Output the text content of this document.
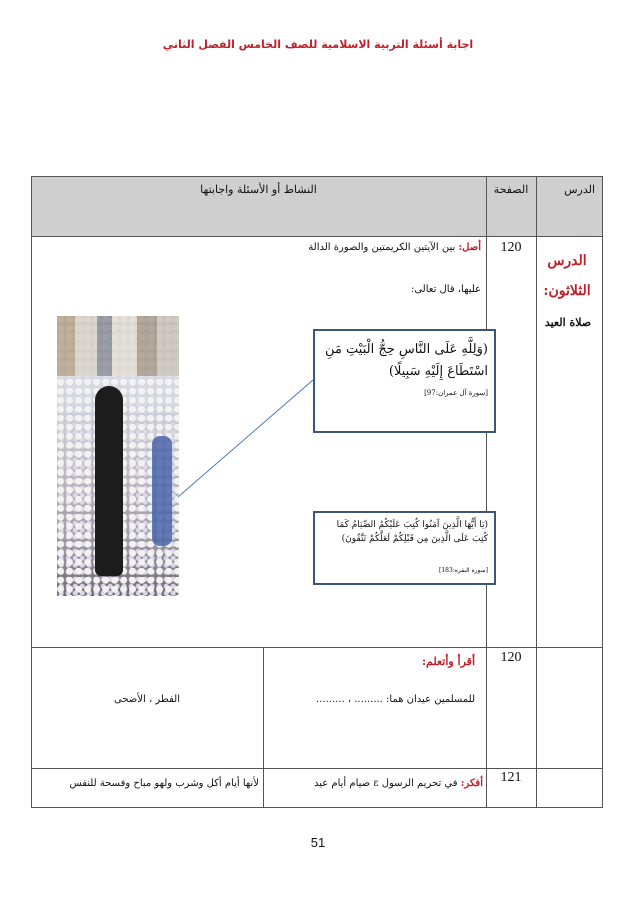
اجابة أسئلة التربية الاسلامية للصف الخامس الفصل الثاني
الدرس
الصفحة
النشاط أو الأسئلة واجابتها
الدرس الثلاثون:
صلاة العيد
120
أصل: بين الآيتين الكريمتين والصورة الدالة
عليها، قال تعالى:
120
أقرأ وأتعلم:
للمسلمين عيدان هما: ......... ، .........
الفطر ، الأضحى
121
أفكر: في تحريم الرسول ε صيام أيام عيد
لأنها أيام أكل وشرب ولهو مباح وفسحة للنفس
(وَلِلَّهِ عَلَى النَّاسِ حِجُّ الْبَيْتِ مَنِ اسْتَطَاعَ إِلَيْهِ سَبِيلًا)
[سورة آل عمران:97]
(يَا أَيُّهَا الَّذِينَ آمَنُوا كُتِبَ عَلَيْكُمُ الصِّيَامُ كَمَا كُتِبَ عَلَى الَّذِينَ مِن قَبْلِكُمْ لَعَلَّكُمْ تَتَّقُونَ)
[سورة البقرة:183]
51
